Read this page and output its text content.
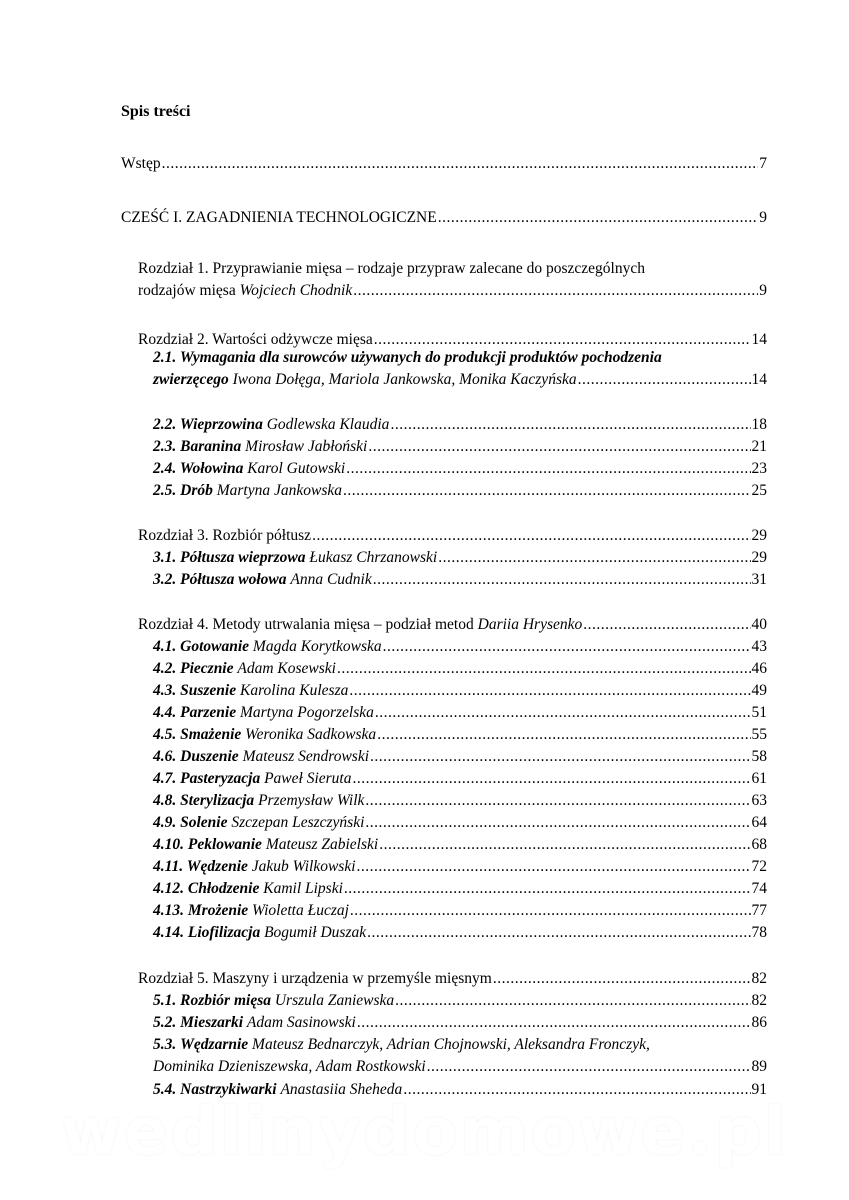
Spis treści
Wstęp .....	7
CZEŚĆ I. ZAGADNIENIA TECHNOLOGICZNE .....	9
Rozdział 1. Przyprawianie mięsa – rodzaje przypraw zalecane do poszczególnych
rodzajów mięsa Wojciech Chodnik .....	9
Rozdział 2. Wartości odżywcze mięsa .....	14
2.1. Wymagania dla surowców używanych do produkcji produktów pochodzenia
zwierzęcego Iwona Dołęga, Mariola Jankowska, Monika Kaczyńska .....	14
2.2. Wieprzowina Godlewska Klaudia .....	18
2.3. Baranina Mirosław Jabłoński .....	21
2.4. Wołowina Karol Gutowski .....	23
2.5. Drób Martyna Jankowska .....	25
Rozdział 3. Rozbiór półtusz .....	29
3.1. Półtusza wieprzowa Łukasz Chrzanowski .....	29
3.2. Półtusza wołowa Anna Cudnik .....	31
Rozdział 4. Metody utrwalania mięsa – podział metod Dariia Hrysenko .....	40
4.1. Gotowanie Magda Korytkowska .....	43
4.2. Piecznie Adam Kosewski .....	46
4.3. Suszenie Karolina Kulesza .....	49
4.4. Parzenie Martyna Pogorzelska .....	51
4.5. Smażenie Weronika Sadkowska .....	55
4.6. Duszenie Mateusz Sendrowski .....	58
4.7. Pasteryzacja Paweł Sieruta .....	61
4.8. Sterylizacja Przemysław Wilk .....	63
4.9. Solenie Szczepan Leszczyński .....	64
4.10. Peklowanie Mateusz Zabielski .....	68
4.11. Wędzenie Jakub Wilkowski .....	72
4.12. Chłodzenie Kamil Lipski .....	74
4.13. Mrożenie Wioletta Łuczaj .....	77
4.14. Liofilizacja Bogumił Duszak .....	78
Rozdział 5. Maszyny i urządzenia w przemyśle mięsnym .....	82
5.1. Rozbiór mięsa Urszula Zaniewska .....	82
5.2. Mieszarki Adam Sasinowski .....	86
5.3. Wędzarnie Mateusz Bednarczyk, Adrian Chojnowski, Aleksandra Fronczyk,
Dominika Dzieniszewska, Adam Rostkowski .....	89
5.4. Nastrzykiwarki Anastasiia Sheheda .....	91
wedlinydomowe.pl
